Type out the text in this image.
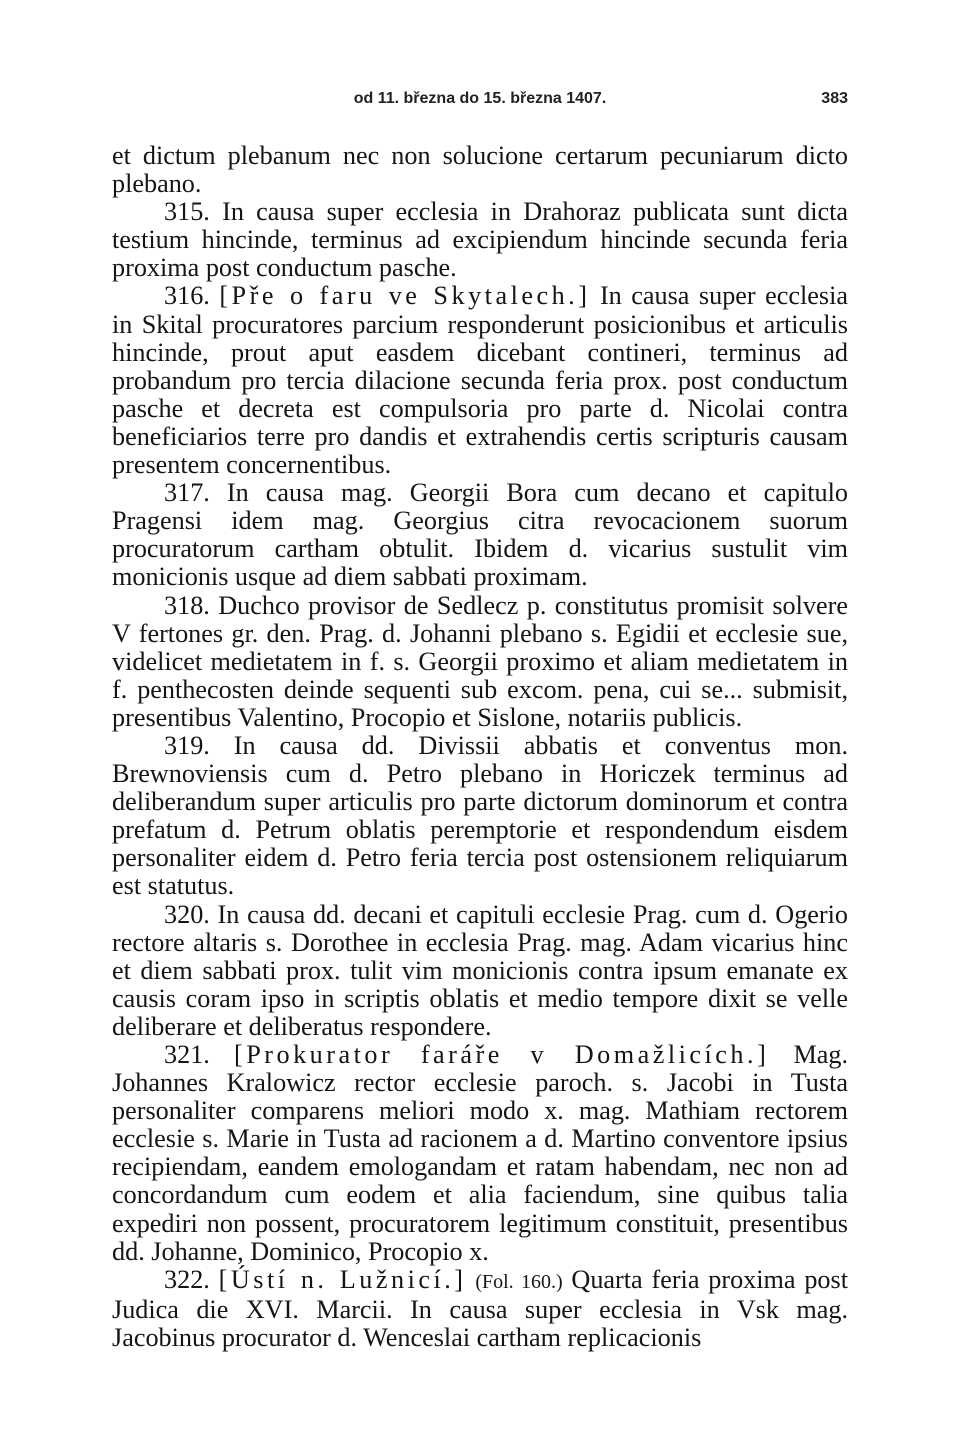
od 11. března do 15. března 1407.	383

et dictum plebanum nec non solucione certarum pecuniarum dicto plebano.

315. In causa super ecclesia in Drahoraz publicata sunt dicta testium hincinde, terminus ad excipiendum hincinde secunda feria proxima post conductum pasche.

316. [Pře o faru ve Skytalech.] In causa super ecclesia in Skital procuratores parcium responderunt posicionibus et articulis hincinde, prout aput easdem dicebant contineri, terminus ad probandum pro tercia dilacione secunda feria prox. post conductum pasche et decreta est compulsoria pro parte d. Nicolai contra beneficiarios terre pro dandis et extrahendis certis scripturis causam presentem concernentibus.

317. In causa mag. Georgii Bora cum decano et capitulo Pragensi idem mag. Georgius citra revocacionem suorum procuratorum cartham obtulit. Ibidem d. vicarius sustulit vim monicionis usque ad diem sabbati proximam.

318. Duchco provisor de Sedlecz p. constitutus promisit solvere V fertones gr. den. Prag. d. Johanni plebano s. Egidii et ecclesie sue, videlicet medietatem in f. s. Georgii proximo et aliam medietatem in f. penthecosten deinde sequenti sub excom. pena, cui se... submisit, presentibus Valentino, Procopio et Sislone, notariis publicis.

319. In causa dd. Divissii abbatis et conventus mon. Brewnoviensis cum d. Petro plebano in Horiczek terminus ad deliberandum super articulis pro parte dictorum dominorum et contra prefatum d. Petrum oblatis peremptorie et respondendum eisdem personaliter eidem d. Petro feria tercia post ostensionem reliquiarum est statutus.

320. In causa dd. decani et capituli ecclesie Prag. cum d. Ogerio rectore altaris s. Dorothee in ecclesia Prag. mag. Adam vicarius hinc et diem sabbati prox. tulit vim monicionis contra ipsum emanate ex causis coram ipso in scriptis oblatis et medio tempore dixit se velle deliberare et deliberatus respondere.

321. [Prokurator faráře v Domažlicích.] Mag. Johannes Kralowicz rector ecclesie paroch. s. Jacobi in Tusta personaliter comparens meliori modo x. mag. Mathiam rectorem ecclesie s. Marie in Tusta ad racionem a d. Martino conventore ipsius recipiendam, eandem emologandam et ratam habendam, nec non ad concordandum cum eodem et alia faciendum, sine quibus talia expediri non possent, procuratorem legitimum constituit, presentibus dd. Johanne, Dominico, Procopio x.

322. [Ústí n. Lužnicí.] (Fol. 160.) Quarta feria proxima post Judica die XVI. Marcii. In causa super ecclesia in Vsk mag. Jacobinus procurator d. Wenceslai cartham replicacionis
